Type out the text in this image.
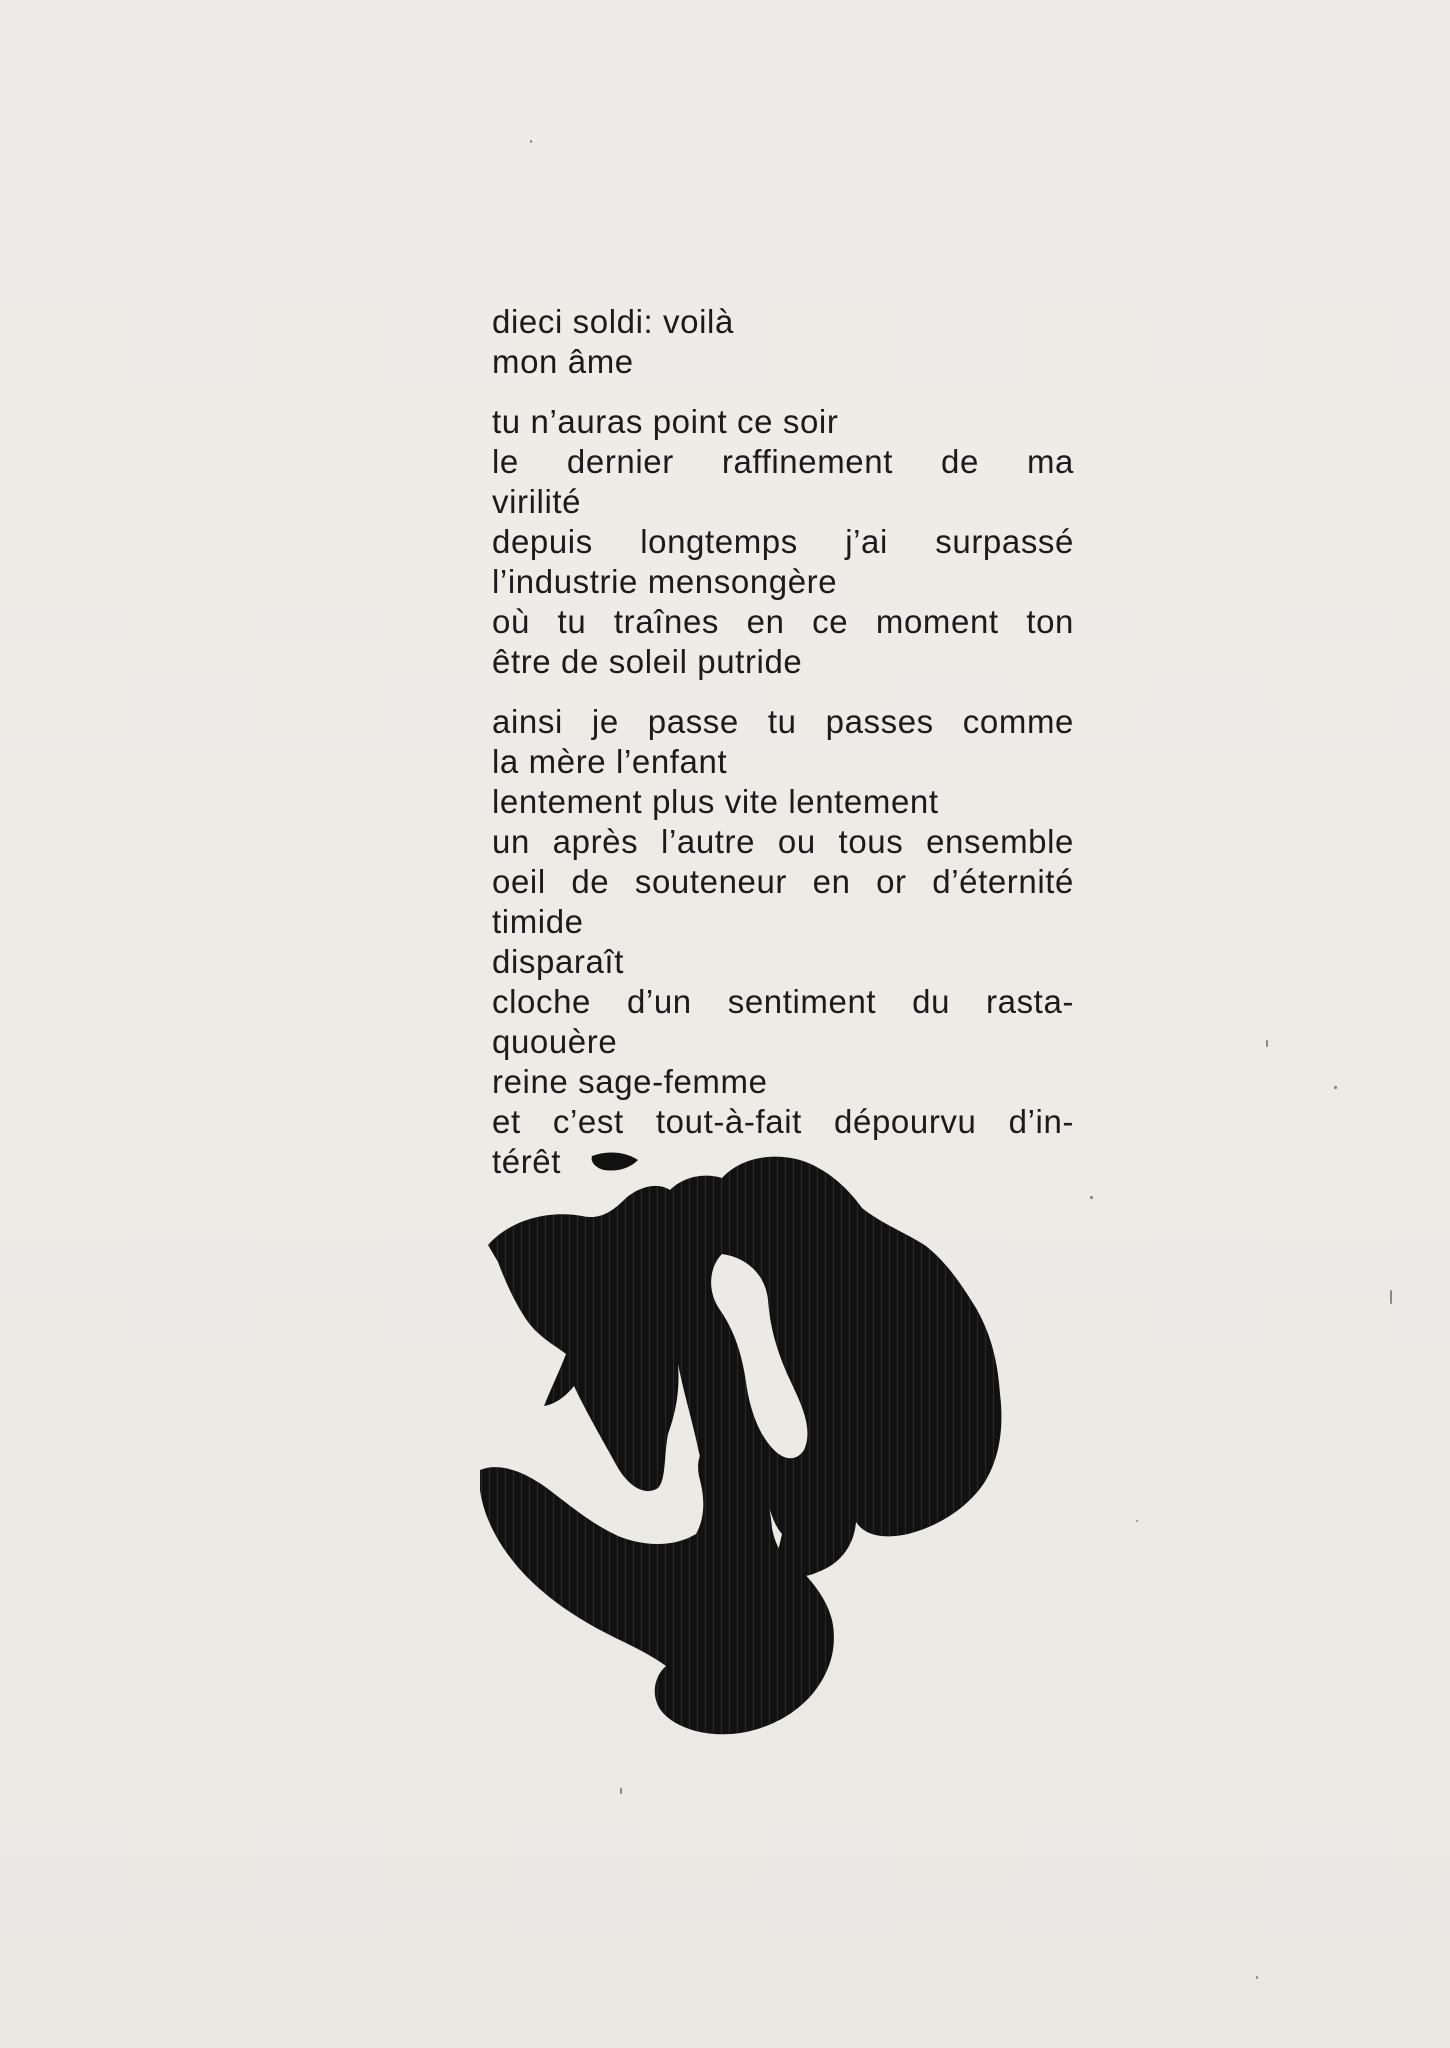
dieci soldi: voilà
mon âme
tu n’auras point ce soir
le dernier raffinement de ma
virilité
depuis longtemps j’ai surpassé
l’industrie mensongère
où tu traînes en ce moment ton
être de soleil putride
ainsi je passe tu passes comme
la mère l’enfant
lentement plus vite lentement
un après l’autre ou tous ensemble
oeil de souteneur en or d’éternité
timide
disparaît
cloche d’un sentiment du rasta-
quouère
reine sage-femme
et c’est tout-à-fait dépourvu d’in-
térêt
